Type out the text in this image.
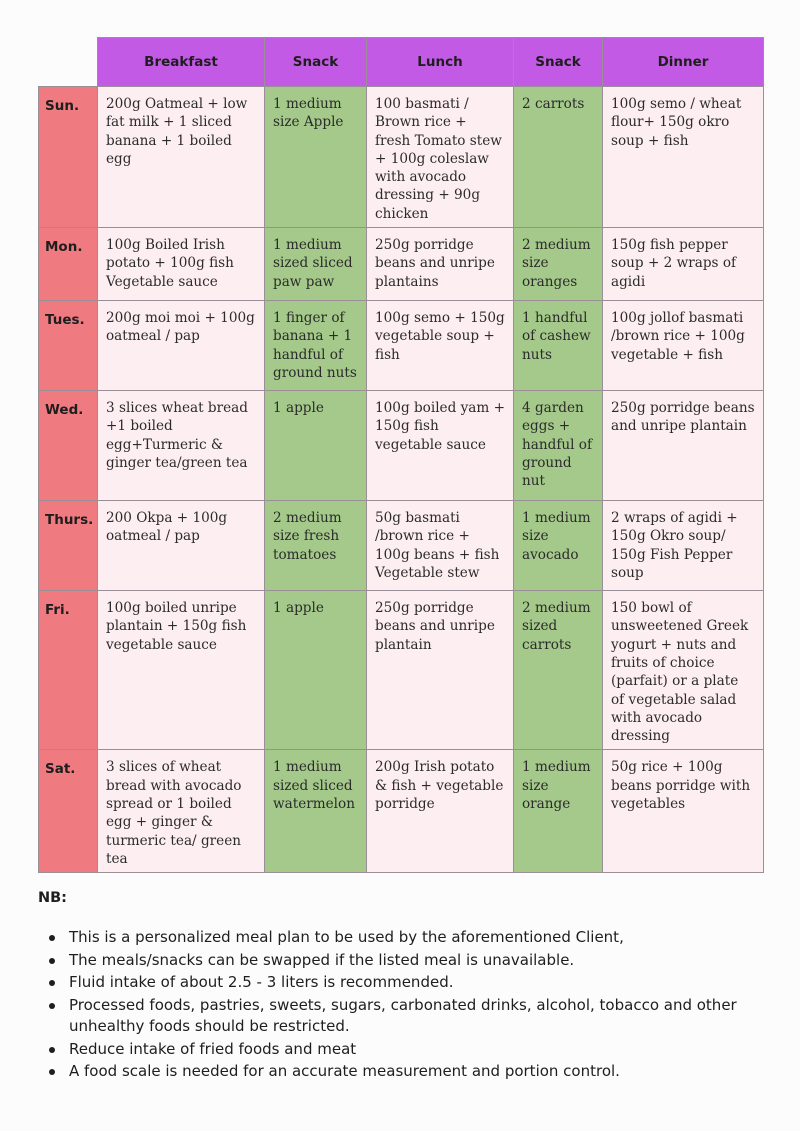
	Breakfast	Snack	Lunch	Snack	Dinner
Sun.	200g Oatmeal + low fat milk + 1 sliced banana + 1 boiled egg	1 medium size Apple	100 basmati / Brown rice + fresh Tomato stew + 100g coleslaw with avocado dressing + 90g chicken	2 carrots	100g semo / wheat flour+ 150g okro soup + fish
Mon.	100g Boiled Irish potato + 100g fish Vegetable sauce	1 medium sized sliced paw paw	250g porridge beans and unripe plantains	2 medium size oranges	150g fish pepper soup + 2 wraps of agidi
Tues.	200g moi moi + 100g oatmeal / pap	1 finger of banana + 1 handful of ground nuts	100g semo + 150g vegetable soup + fish	1 handful of cashew nuts	100g jollof basmati /brown rice + 100g vegetable + fish
Wed.	3 slices wheat bread +1 boiled egg+Turmeric & ginger tea/green tea	1 apple	100g boiled yam + 150g fish vegetable sauce	4 garden eggs + handful of ground nut	250g porridge beans and unripe plantain
Thurs.	200 Okpa + 100g oatmeal / pap	2 medium size fresh tomatoes	50g basmati /brown rice + 100g beans + fish Vegetable stew	1 medium size avocado	2 wraps of agidi + 150g Okro soup/ 150g Fish Pepper soup
Fri.	100g boiled unripe plantain + 150g fish vegetable sauce	1 apple	250g porridge beans and unripe plantain	2 medium sized carrots	150 bowl of unsweetened Greek yogurt + nuts and fruits of choice (parfait) or a plate of vegetable salad with avocado dressing
Sat.	3 slices of wheat bread with avocado spread or 1 boiled egg + ginger & turmeric tea/ green tea	1 medium sized sliced watermelon	200g Irish potato & fish + vegetable porridge	1 medium size orange	50g rice + 100g beans porridge with vegetables
NB:
This is a personalized meal plan to be used by the aforementioned Client,
The meals/snacks can be swapped if the listed meal is unavailable.
Fluid intake of about 2.5 - 3 liters is recommended.
Processed foods, pastries, sweets, sugars, carbonated drinks, alcohol, tobacco and other unhealthy foods should be restricted.
Reduce intake of fried foods and meat
A food scale is needed for an accurate measurement and portion control.
